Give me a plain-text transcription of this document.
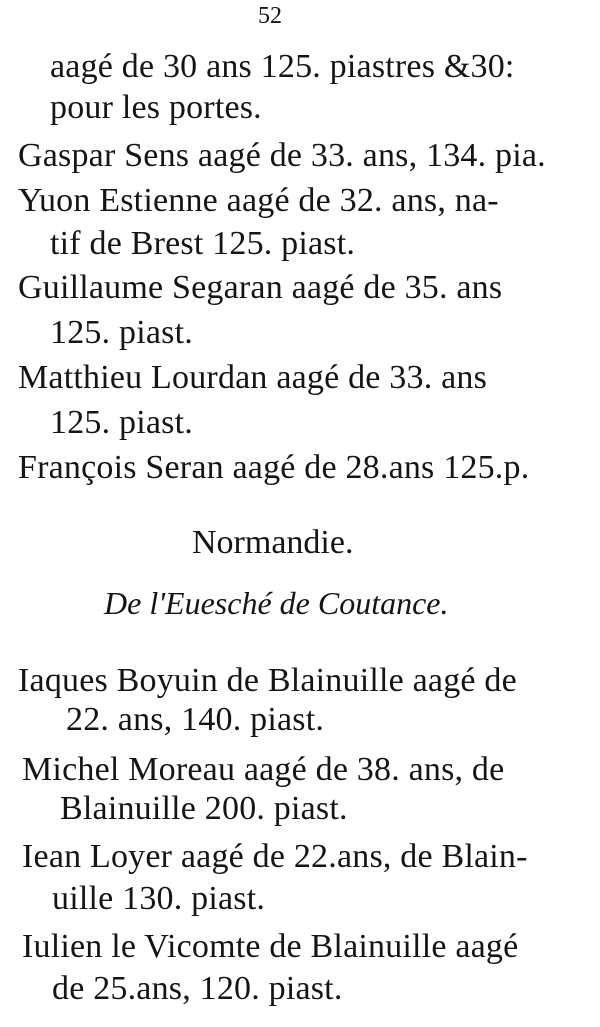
52
aagé de 30 ans 125. piastres &30:
pour les portes.
Gaspar Sens aagé de 33. ans, 134. pia.
Yuon Estienne aagé de 32. ans, na-
tif de Brest 125. piast.
Guillaume Segaran aagé de 35. ans
125. piast.
Matthieu Lourdan aagé de 33. ans
125. piast.
François Seran aagé de 28.ans 125.p.
Normandie.
De l'Euesché de Coutance.
Iaques Boyuin de Blainuille aagé de
22. ans, 140. piast.
Michel Moreau aagé de 38. ans, de
Blainuille 200. piast.
Iean Loyer aagé de 22.ans, de Blain-
uille 130. piast.
Iulien le Vicomte de Blainuille aagé
de 25.ans, 120. piast.
